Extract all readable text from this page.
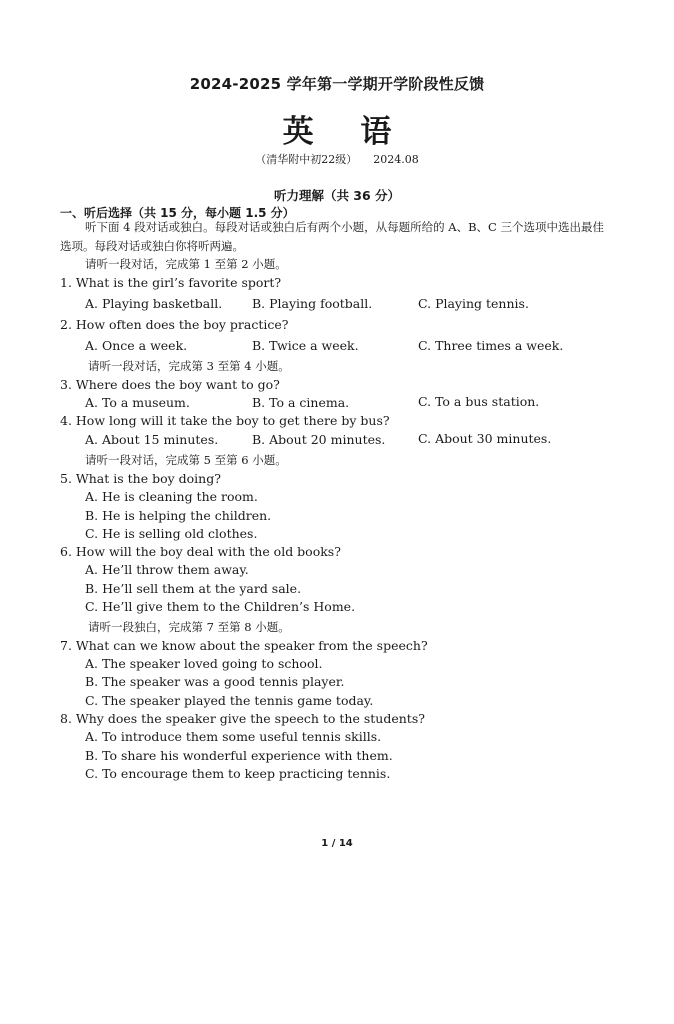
2024-2025 学年第一学期开学阶段性反馈
英 语
（清华附中初22级） 2024.08
听力理解（共 36 分）
一、听后选择（共 15 分，每小题 1.5 分）
听下面 4 段对话或独白。每段对话或独白后有两个小题，从每题所给的 A、B、C 三个选项中选出最佳
选项。每段对话或独白你将听两遍。
请听一段对话，完成第 1 至第 2 小题。
1. What is the girl’s favorite sport?
A. Playing basketball. B. Playing football.	C. Playing tennis.
2. How often does the boy practice?
A. Once a week.	B. Twice a week.	C. Three times a week.
请听一段对话，完成第 3 至第 4 小题。
3. Where does the boy want to go?
A. To a museum.	B. To a cinema.	C. To a bus station.
4. How long will it take the boy to get there by bus?
A. About 15 minutes.	B. About 20 minutes.	C. About 30 minutes.
请听一段对话，完成第 5 至第 6 小题。
5. What is the boy doing?
A. He is cleaning the room.
B. He is helping the children.
C. He is selling old clothes.
6. How will the boy deal with the old books?
A. He’ll throw them away.
B. He’ll sell them at the yard sale.
C. He’ll give them to the Children’s Home.
请听一段独白，完成第 7 至第 8 小题。
7. What can we know about the speaker from the speech?
A. The speaker loved going to school.
B. The speaker was a good tennis player.
C. The speaker played the tennis game today.
8. Why does the speaker give the speech to the students?
A. To introduce them some useful tennis skills.
B. To share his wonderful experience with them.
C. To encourage them to keep practicing tennis.
1 / 14
